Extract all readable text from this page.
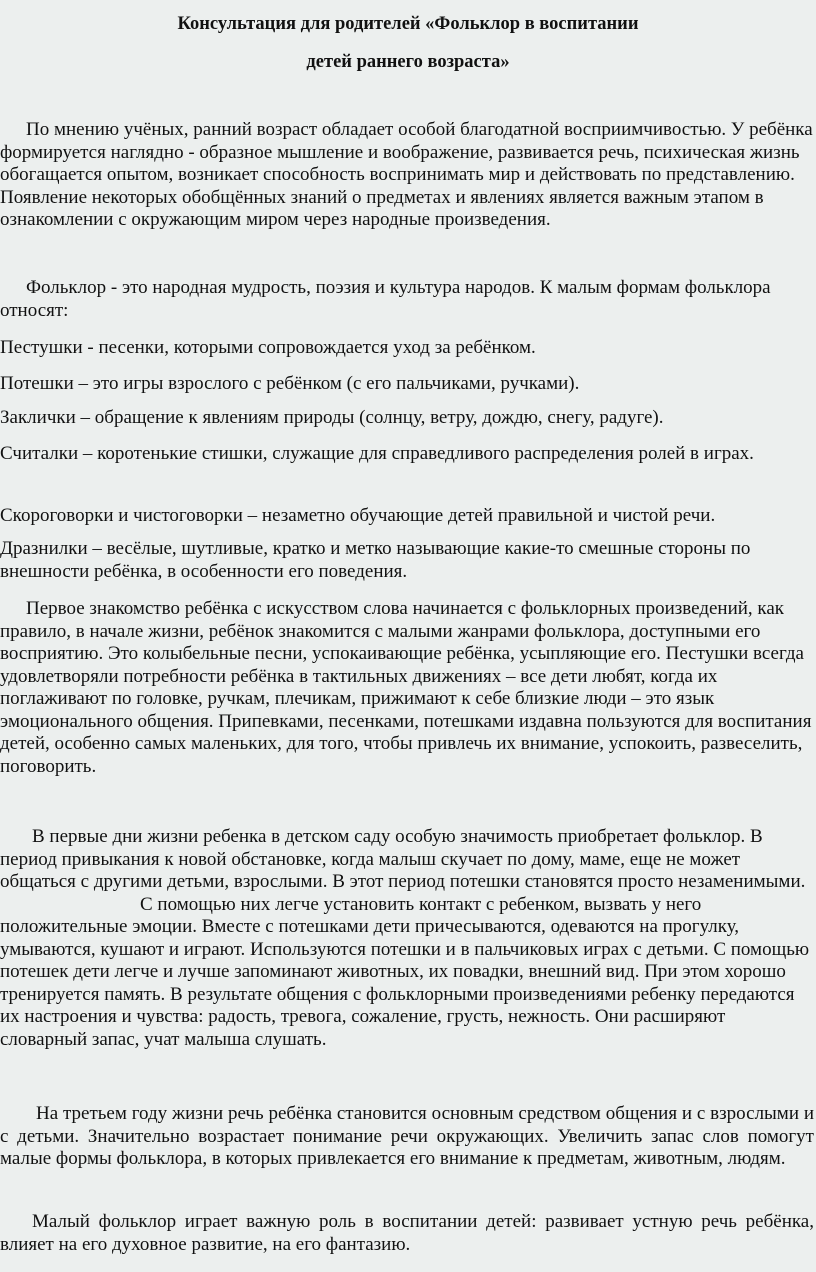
Консультация для родителей «Фольклор в воспитании
детей раннего возраста»

По мнению учёных, ранний возраст обладает особой благодатной восприимчивостью. У ребёнка формируется наглядно - образное мышление и воображение, развивается речь, психическая жизнь обогащается опытом, возникает способность воспринимать мир и действовать по представлению. Появление некоторых обобщённых знаний о предметах и явлениях является важным этапом в ознакомлении с окружающим миром через народные произведения.

Фольклор - это народная мудрость, поэзия и культура народов. К малым формам фольклора относят:

Пестушки - песенки, которыми сопровождается уход за ребёнком.

Потешки – это игры взрослого с ребёнком (с его пальчиками, ручками).

Заклички – обращение к явлениям природы (солнцу, ветру, дождю, снегу, радуге).

Считалки – коротенькие стишки, служащие для справедливого распределения ролей в играх.

Скороговорки и чистоговорки – незаметно обучающие детей правильной и чистой речи.

Дразнилки – весёлые, шутливые, кратко и метко называющие какие-то смешные стороны по внешности ребёнка, в особенности его поведения.

Первое знакомство ребёнка с искусством слова начинается с фольклорных произведений, как правило, в начале жизни, ребёнок знакомится с малыми жанрами фольклора, доступными его восприятию. Это колыбельные песни, успокаивающие ребёнка, усыпляющие его. Пестушки всегда удовлетворяли потребности ребёнка в тактильных движениях – все дети любят, когда их поглаживают по головке, ручкам, плечикам, прижимают к себе близкие люди – это язык эмоционального общения. Припевками, песенками, потешками издавна пользуются для воспитания детей, особенно самых маленьких, для того, чтобы привлечь их внимание, успокоить, развеселить, поговорить.

В первые дни жизни ребенка в детском саду особую значимость приобретает фольклор. В период привыкания к новой обстановке, когда малыш скучает по дому, маме, еще не может общаться с другими детьми, взрослыми. В этот период потешки становятся просто незаменимыми.С помощью них легче установить контакт с ребенком, вызвать у него положительные эмоции. Вместе с потешками дети причесываются, одеваются на прогулку, умываются, кушают и играют. Используются потешки и в пальчиковых играх с детьми. С помощью потешек дети легче и лучше запоминают животных, их повадки, внешний вид. При этом хорошо тренируется память. В результате общения с фольклорными произведениями ребенку передаются их настроения и чувства: радость, тревога, сожаление, грусть, нежность. Они расширяют словарный запас, учат малыша слушать.

На третьем году жизни речь ребёнка становится основным средством общения и с взрослыми и с детьми. Значительно возрастает понимание речи окружающих. Увеличить запас слов помогут малые формы фольклора, в которых привлекается его внимание к предметам, животным, людям.

Малый фольклор играет важную роль в воспитании детей: развивает устную речь ребёнка, влияет на его духовное развитие, на его фантазию.
